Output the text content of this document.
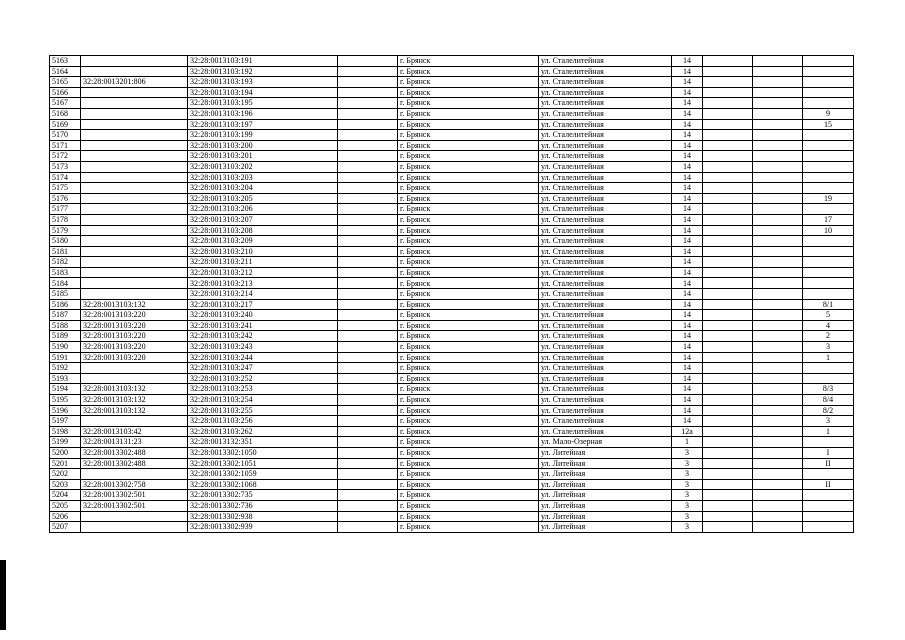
5163		32:28:0013103:191		г. Брянск	ул. Сталелитейная	14			
5164		32:28:0013103:192		г. Брянск	ул. Сталелитейная	14			
5165	32:28:0013201:806	32:28:0013103:193		г. Брянск	ул. Сталелитейная	14			
5166		32:28:0013103:194		г. Брянск	ул. Сталелитейная	14			
5167		32:28:0013103:195		г. Брянск	ул. Сталелитейная	14			
5168		32:28:0013103:196		г. Брянск	ул. Сталелитейная	14			9
5169		32:28:0013103:197		г. Брянск	ул. Сталелитейная	14			15
5170		32:28:0013103:199		г. Брянск	ул. Сталелитейная	14			
5171		32:28:0013103:200		г. Брянск	ул. Сталелитейная	14			
5172		32:28:0013103:201		г. Брянск	ул. Сталелитейная	14			
5173		32:28:0013103:202		г. Брянск	ул. Сталелитейная	14			
5174		32:28:0013103:203		г. Брянск	ул. Сталелитейная	14			
5175		32:28:0013103:204		г. Брянск	ул. Сталелитейная	14			
5176		32:28:0013103:205		г. Брянск	ул. Сталелитейная	14			19
5177		32:28:0013103:206		г. Брянск	ул. Сталелитейная	14			
5178		32:28:0013103:207		г. Брянск	ул. Сталелитейная	14			17
5179		32:28:0013103:208		г. Брянск	ул. Сталелитейная	14			10
5180		32:28:0013103:209		г. Брянск	ул. Сталелитейная	14			
5181		32:28:0013103:210		г. Брянск	ул. Сталелитейная	14			
5182		32:28:0013103:211		г. Брянск	ул. Сталелитейная	14			
5183		32:28:0013103:212		г. Брянск	ул. Сталелитейная	14			
5184		32:28:0013103:213		г. Брянск	ул. Сталелитейная	14			
5185		32:28:0013103:214		г. Брянск	ул. Сталелитейная	14			
5186	32:28:0013103:132	32:28:0013103:217		г. Брянск	ул. Сталелитейная	14			8/1
5187	32:28:0013103:220	32:28:0013103:240		г. Брянск	ул. Сталелитейная	14			5
5188	32:28:0013103:220	32:28:0013103:241		г. Брянск	ул. Сталелитейная	14			4
5189	32:28:0013103:220	32:28:0013103:242		г. Брянск	ул. Сталелитейная	14			2
5190	32:28:0013103:220	32:28:0013103:243		г. Брянск	ул. Сталелитейная	14			3
5191	32:28:0013103:220	32:28:0013103:244		г. Брянск	ул. Сталелитейная	14			1
5192		32:28:0013103:247		г. Брянск	ул. Сталелитейная	14			
5193		32:28:0013103:252		г. Брянск	ул. Сталелитейная	14			
5194	32:28:0013103:132	32:28:0013103:253		г. Брянск	ул. Сталелитейная	14			8/3
5195	32:28:0013103:132	32:28:0013103:254		г. Брянск	ул. Сталелитейная	14			8/4
5196	32:28:0013103:132	32:28:0013103:255		г. Брянск	ул. Сталелитейная	14			8/2
5197		32:28:0013103:256		г. Брянск	ул. Сталелитейная	14			3
5198	32:28:0013103:42	32:28:0013103:262		г. Брянск	ул. Сталелитейная	12а			1
5199	32:28:0013131:23	32:28:0013132:351		г. Брянск	ул. Мало-Озерная	1			
5200	32:28:0013302:488	32:28:0013302:1050		г. Брянск	ул. Литейная	3			I
5201	32:28:0013302:488	32:28:0013302:1051		г. Брянск	ул. Литейная	3			II
5202		32:28:0013302:1059		г. Брянск	ул. Литейная	3			
5203	32:28:0013302:758	32:28:0013302:1068		г. Брянск	ул. Литейная	3			II
5204	32:28:0013302:501	32:28:0013302:735		г. Брянск	ул. Литейная	3			
5205	32:28:0013302:501	32:28:0013302:736		г. Брянск	ул. Литейная	3			
5206		32:28:0013302:938		г. Брянск	ул. Литейная	3			
5207		32:28:0013302:939		г. Брянск	ул. Литейная	3			
